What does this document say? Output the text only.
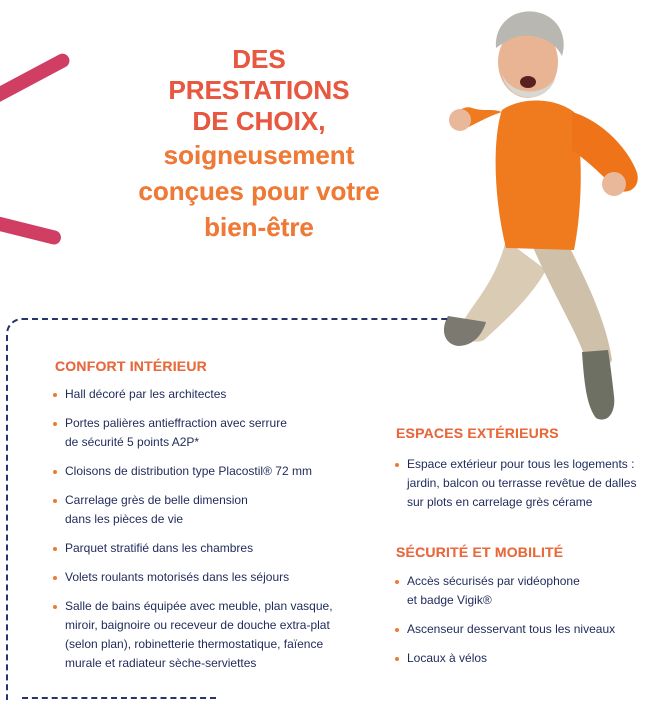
DES
PRESTATIONS
DE CHOIX,
soigneusement
conçues pour votre
bien-être
CONFORT INTÉRIEUR
Hall décoré par les architectes
Portes palières antieffraction avec serrure
de sécurité 5 points A2P*
Cloisons de distribution type Placostil® 72 mm
Carrelage grès de belle dimension
dans les pièces de vie
Parquet stratifié dans les chambres
Volets roulants motorisés dans les séjours
Salle de bains équipée avec meuble, plan vasque,
miroir, baignoire ou receveur de douche extra-plat
(selon plan), robinetterie thermostatique, faïence
murale et radiateur sèche-serviettes
ESPACES EXTÉRIEURS
Espace extérieur pour tous les logements :
jardin, balcon ou terrasse revêtue de dalles
sur plots en carrelage grès cérame
SÉCURITÉ ET MOBILITÉ
Accès sécurisés par vidéophone
et badge Vigik®
Ascenseur desservant tous les niveaux
Locaux à vélos
